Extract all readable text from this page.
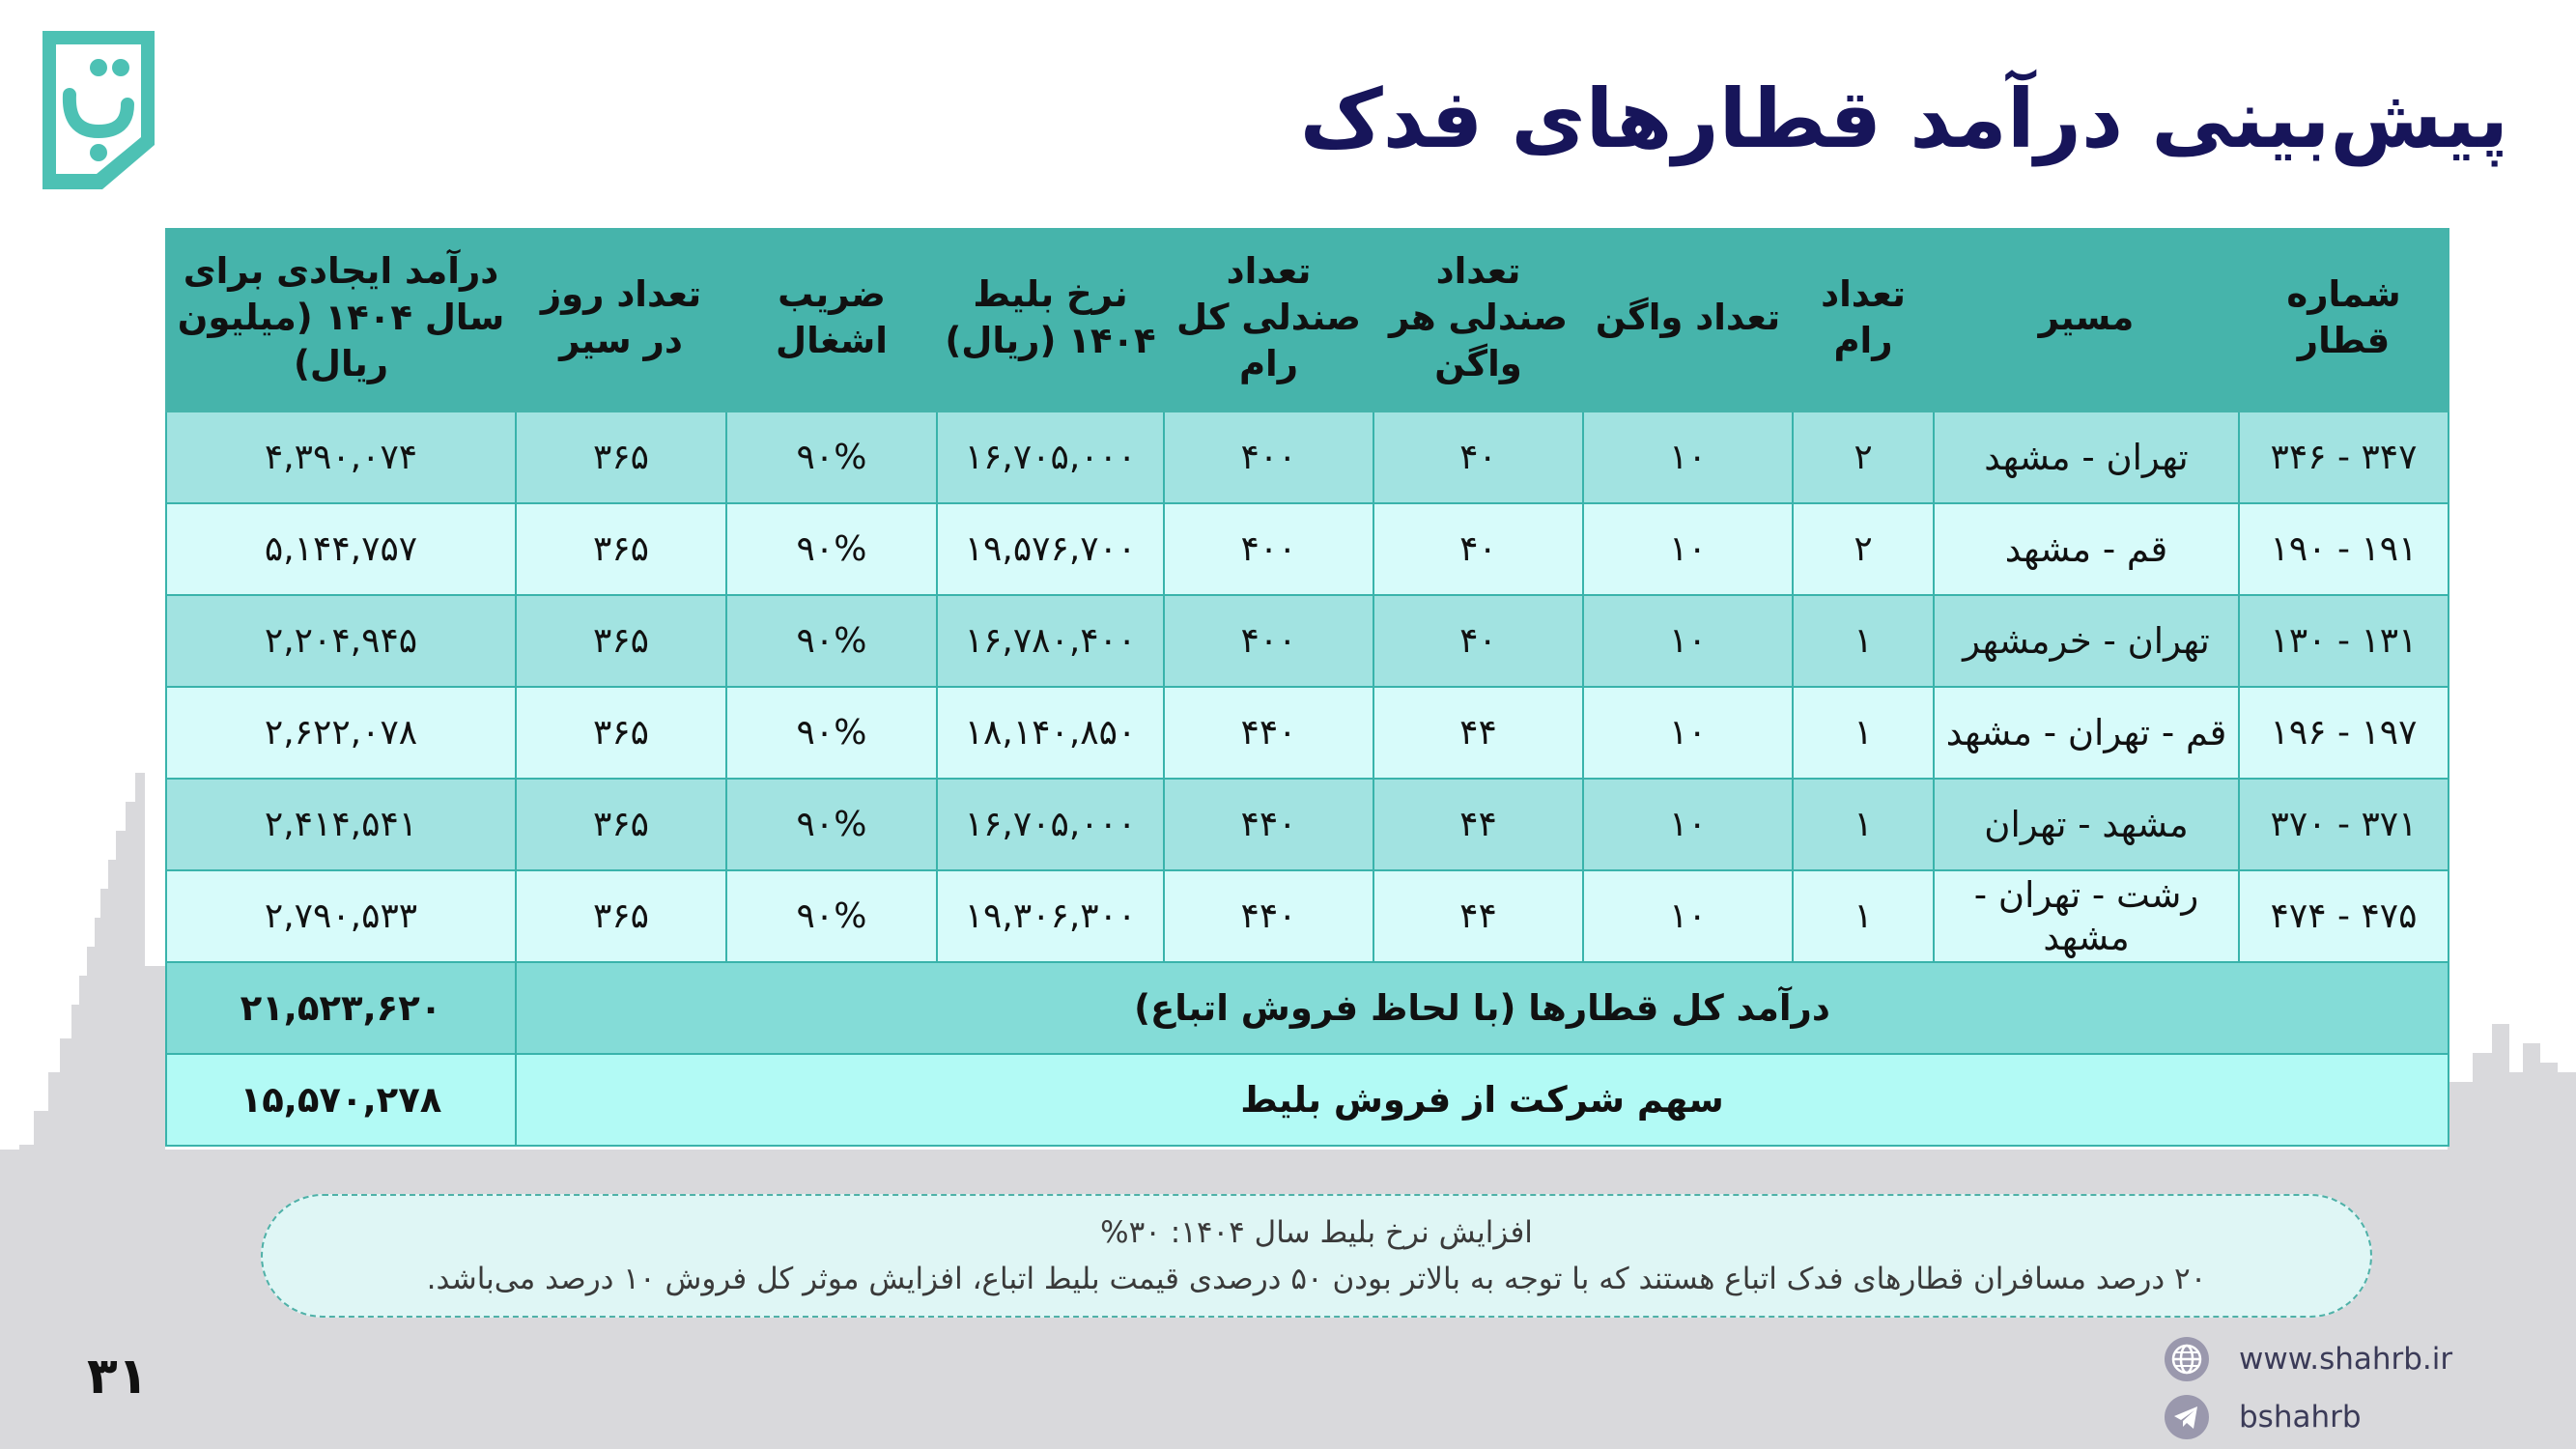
پیش‌بینی درآمد قطارهای فدک
شماره قطار	مسیر	تعداد رام	تعداد واگن	تعداد صندلی هر واگن	تعداد صندلی کل رام	نرخ بلیط ۱۴۰۴ (ریال)	ضریب اشغال	تعداد روز در سیر	درآمد ایجادی برای سال ۱۴۰۴ (میلیون ریال)
۳۴۷ - ۳۴۶	تهران - مشهد	۲	۱۰	۴۰	۴۰۰	۱۶,۷۰۵,۰۰۰	۹۰%	۳۶۵	۴,۳۹۰,۰۷۴
۱۹۱ - ۱۹۰	قم - مشهد	۲	۱۰	۴۰	۴۰۰	۱۹,۵۷۶,۷۰۰	۹۰%	۳۶۵	۵,۱۴۴,۷۵۷
۱۳۱ - ۱۳۰	تهران - خرمشهر	۱	۱۰	۴۰	۴۰۰	۱۶,۷۸۰,۴۰۰	۹۰%	۳۶۵	۲,۲۰۴,۹۴۵
۱۹۷ - ۱۹۶	قم - تهران - مشهد	۱	۱۰	۴۴	۴۴۰	۱۸,۱۴۰,۸۵۰	۹۰%	۳۶۵	۲,۶۲۲,۰۷۸
۳۷۱ - ۳۷۰	مشهد - تهران	۱	۱۰	۴۴	۴۴۰	۱۶,۷۰۵,۰۰۰	۹۰%	۳۶۵	۲,۴۱۴,۵۴۱
۴۷۵ - ۴۷۴	رشت - تهران - مشهد	۱	۱۰	۴۴	۴۴۰	۱۹,۳۰۶,۳۰۰	۹۰%	۳۶۵	۲,۷۹۰,۵۳۳
درآمد کل قطارها (با لحاظ فروش اتباع)									۲۱,۵۲۳,۶۲۰
سهم شرکت از فروش بلیط									۱۵,۵۷۰,۲۷۸
افزایش نرخ بلیط سال ۱۴۰۴: ۳۰%
۲۰ درصد مسافران قطارهای فدک اتباع هستند که با توجه به بالاتر بودن ۵۰ درصدی قیمت بلیط اتباع، افزایش موثر کل فروش ۱۰ درصد می‌باشد.
۳۱	www.shahrb.ir
bshahrb
